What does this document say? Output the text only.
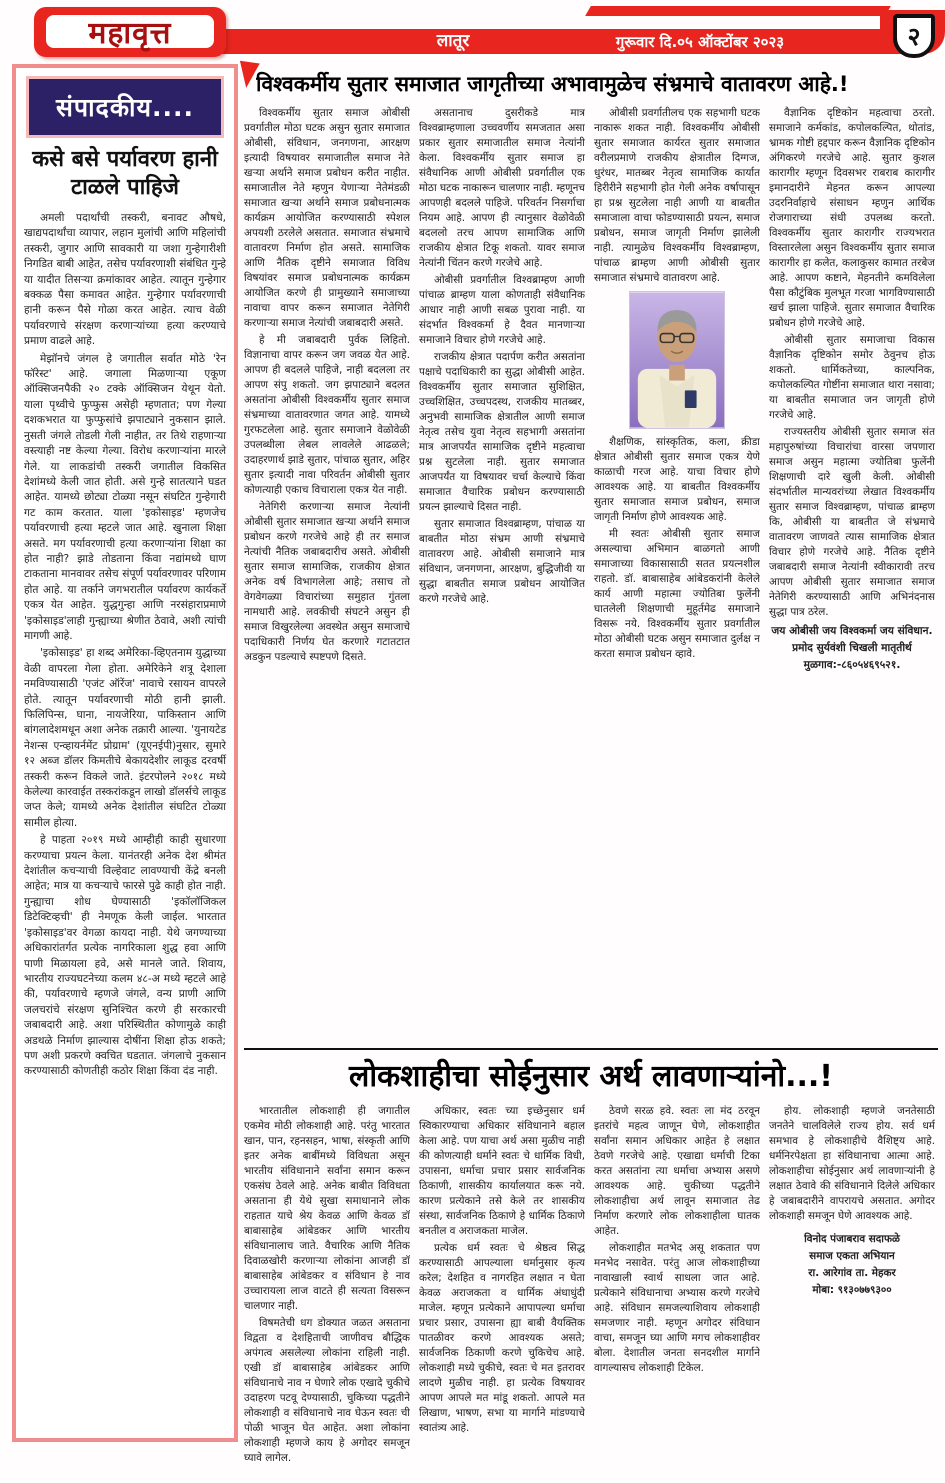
महावृत्त	लातूर	गुरूवार दि.०५ ऑक्टोंबर २०२३	२
संपादकीय....
कसे बसे पर्यावरण हानी टाळले पाहिजे

अमली पदार्थांची तस्करी, बनावट औषधे, खाद्यपदार्थांचा व्यापार, लहान मुलांची आणि महिलांची तस्करी, जुगार आणि सावकारी या जशा गुन्हेगारीशी निगडित बाबी आहेत, तसेच पर्यावरणाशी संबंधित गुन्हे या यादीत तिसऱ्या क्रमांकावर आहेत. त्यातून गुन्हेगार बक्कळ पैसा कमावत आहेत. गुन्हेगार पर्यावरणाची हानी करून पैसे गोळा करत आहेत. त्याच वेळी पर्यावरणाचे संरक्षण करणाऱ्यांच्या हत्या करण्याचे प्रमाण वाढले आहे.

मेझॉनचे जंगल हे जगातील सर्वात मोठे 'रेन फॉरेस्ट' आहे. जगाला मिळणाऱ्या एकूण ऑक्सिजनपैकी २० टक्के ऑक्सिजन येथून येतो. याला पृथ्वीचे फुप्फुस असेही म्हणतात; पण गेल्या दशकभरात या फुप्फुसांचे झपाट्याने नुकसान झाले. नुसती जंगले तोडली गेली नाहीत, तर तिथे राहणाऱ्या वस्त्याही नष्ट केल्या गेल्या. विरोध करणाऱ्यांना मारले गेले. या लाकडांची तस्करी जगातील विकसित देशांमध्ये केली जात होती. असे गुन्हे सातत्याने घडत आहेत. यामध्ये छोट्या टोळ्या नसून संघटित गुन्हेगारी गट काम करतात. याला 'इकोसाइड' म्हणजेच पर्यावरणाची हत्या म्हटले जात आहे. खुनाला शिक्षा असते. मग पर्यावरणाची हत्या करणाऱ्यांना शिक्षा का होत नाही? झाडे तोडताना किंवा नद्यांमध्ये घाण टाकताना मानवावर तसेच संपूर्ण पर्यावरणावर परिणाम होत आहे. या तर्काने जगभरातील पर्यावरण कार्यकर्ते एकत्र येत आहेत. युद्धगुन्हा आणि नरसंहाराप्रमाणे 'इकोसाइड'लाही गुन्ह्याच्या श्रेणीत ठेवावे, अशी त्यांची मागणी आहे.

'इकोसाइड' हा शब्द अमेरिका-व्हिएतनाम युद्धाच्या वेळी वापरला गेला होता. अमेरिकेने शत्रू देशाला नमविण्यासाठी 'एजंट ऑरेंज' नावाचे रसायन वापरले होते. त्यातून पर्यावरणाची मोठी हानी झाली. फिलिपिन्स, घाना, नायजेरिया, पाकिस्तान आणि बांगलादेशमधून अशा अनेक तक्रारी आल्या. 'युनायटेड नेशन्स एन्व्हायर्नमेंट प्रोग्राम' (यूएनईपी)नुसार, सुमारे १२ अब्ज डॉलर किमतीचे बेकायदेशीर लाकूड दरवर्षी तस्करी करून विकले जाते. इंटरपोलने २०१८ मध्ये केलेल्या कारवाईत तस्करांकडून लाखो डॉलर्सचे लाकूड जप्त केले; यामध्ये अनेक देशांतील संघटित टोळ्या सामील होत्या.

हे पाहता २०१९ मध्ये आम्हीही काही सुधारणा करण्याचा प्रयत्न केला. यानंतरही अनेक देश श्रीमंत देशांतील कचऱ्याची विल्हेवाट लावण्याची केंद्रे बनली आहेत; मात्र या कचऱ्याचे फारसे पुढे काही होत नाही. गुन्ह्याचा शोध घेण्यासाठी 'इकॉलॉजिकल डिटेक्टिव्हची' ही नेमणूक केली जाईल. भारतात 'इकोसाइड'वर वेगळा कायदा नाही. येथे जगण्याच्या अधिकारांतर्गत प्रत्येक नागरिकाला शुद्ध हवा आणि पाणी मिळायला हवे, असे मानले जाते. शिवाय, भारतीय राज्यघटनेच्या कलम ४८-अ मध्ये म्हटले आहे की, पर्यावरणाचे म्हणजे जंगले, वन्य प्राणी आणि जलचरांचे संरक्षण सुनिश्चित करणे ही सरकारची जबाबदारी आहे. अशा परिस्थितीत कोणामुळे काही अडथळे निर्माण झाल्यास दोषींना शिक्षा होऊ शकते; पण अशी प्रकरणे क्वचित घडतात. जंगलाचे नुकसान करण्यासाठी कोणतीही कठोर शिक्षा किंवा दंड नाही.

विश्वकर्मीय सुतार समाजात जागृतीच्या अभावामुळेच संभ्रमाचे वातावरण आहे.!

विश्वकर्मीय सुतार समाज ओबीसी प्रवर्गातील मोठा घटक असुन सुतार समाजात ओबीसी, संविधान, जनगणना, आरक्षण इत्यादी विषयावर समाजातील समाज नेते खऱ्या अर्थाने समाज प्रबोधन करीत नाहीत. समाजातील नेते म्हणुन येणाऱ्या नेतेमंडळी समाजात खऱ्या अर्थाने समाज प्रबोधनात्मक कार्यक्रम आयोजित करण्यासाठी स्पेशल अपयशी ठरलेले असतात. समाजात संभ्रमाचे वातावरण निर्माण होत असते. सामाजिक आणि नैतिक दृष्टीने समाजात विविध विषयांवर समाज प्रबोधनात्मक कार्यक्रम आयोजित करणे ही प्रामुख्याने समाजाच्या नावाचा वापर करून समाजात नेतेगिरी करणाऱ्या समाज नेत्यांची जबाबदारी असते.

हे मी जबाबदारी पुर्वक लिहितो. विज्ञानाचा वापर करून जग जवळ येत आहे. आपण ही बदलले पाहिजे, नाही बदलला तर आपण संपु शकतो. जग झपाट्याने बदलत असतांना ओबीसी विश्वकर्मीय सुतार समाज संभ्रमाच्या वातावरणात जगत आहे. यामध्ये गुरफटलेला आहे. सुतार समाजाने वेळोवेळी उपलब्धीला लेबल लावलेले आढळले; उदाहरणार्थ झाडे सुतार, पांचाळ सुतार, अहिर सुतार इत्यादी नावा परिवर्तन ओबीसी सुतार कोणत्याही एकाच विचाराला एकत्र येत नाही.

नेतेगिरी करणाऱ्या समाज नेत्यांनी ओबीसी सुतार समाजात खऱ्या अर्थाने समाज प्रबोधन करणे गरजेचे आहे ही तर समाज नेत्यांची नैतिक जबाबदारीच असते. ओबीसी सुतार समाज सामाजिक, राजकीय क्षेत्रात अनेक वर्ष विभागलेला आहे; तसाच तो वेगवेगळ्या विचारांच्या समुहात गुंतला नामधारी आहे. लवकीची संघटने असुन ही समाज विखुरलेल्या अवस्थेत असुन समाजाचे पदाधिकारी निर्णय घेत करणारे गटातटात अडकुन पडल्याचे स्पष्टपणे दिसते.

असतानाच दुसरीकडे मात्र विश्वब्राम्हणाला उच्चवर्णीय समजतात असा प्रकार सुतार समाजातील समाज नेत्यांनी केला. विश्वकर्मीय सुतार समाज हा संवैधानिक आणी ओबीसी प्रवर्गातील एक मोठा घटक नाकारून चालणार नाही. म्हणूनच आपणही बदलले पाहिजे. परिवर्तन निसर्गाचा नियम आहे. आपण ही त्यानुसार वेळोवेळी बदललो तरच आपण सामाजिक आणि राजकीय क्षेत्रात टिकू शकतो. यावर समाज नेत्यांनी चिंतन करणे गरजेचे आहे.

ओबीसी प्रवर्गातील विश्वब्राम्हण आणी पांचाळ ब्राम्हण याला कोणताही संवैधानिक आधार नाही आणी सबळ पुरावा नाही. या संदर्भात विश्वकर्मा हे दैवत मानणाऱ्या समाजाने विचार होणे गरजेचे आहे.

राजकीय क्षेत्रात पदार्पण करीत असतांना पक्षाचे पदाधिकारी का सुद्धा ओबीसी आहेत. विश्वकर्मीय सुतार समाजात सुशिक्षित, उच्चशिक्षित, उच्चपदस्थ, राजकीय मातब्बर, अनुभवी सामाजिक क्षेत्रातील आणी समाज नेतृत्व तसेच युवा नेतृत्व सहभागी असतांना मात्र आजपर्यंत सामाजिक दृष्टीने महत्वाचा प्रश्न सुटलेला नाही. सुतार समाजात आजपर्यंत या विषयावर चर्चा केल्याचे किंवा समाजात वैचारिक प्रबोधन करण्यासाठी प्रयत्न झाल्याचे दिसत नाही.

सुतार समाजात विश्वब्राम्हण, पांचाळ या बाबतीत मोठा संभ्रम आणी संभ्रमाचे वातावरण आहे. ओबीसी समाजाने मात्र संविधान, जनगणना, आरक्षण, बुद्धिजीवी या सुद्धा बाबतीत समाज प्रबोधन आयोजित करणे गरजेचे आहे.

ओबीसी प्रवर्गातीलच एक सहभागी घटक नाकारू शकत नाही. विश्वकर्मीय ओबीसी सुतार समाजात कार्यरत सुतार समाजात वरीलप्रमाणे राजकीय क्षेत्रातील दिग्गज, धुरंधर, मातब्बर नेतृत्व सामाजिक कार्यात हिरीरीने सहभागी होत गेली अनेक वर्षापासून हा प्रश्न सुटलेला नाही आणी या बाबतीत समाजाला वाचा फोडण्यासाठी प्रयत्न, समाज प्रबोधन, समाज जागृती निर्माण झालेली नाही. त्यामुळेच विश्वकर्मीय विश्वब्राम्हण, पांचाळ ब्राम्हण आणी ओबीसी सुतार समाजात संभ्रमाचे वातावरण आहे.

शैक्षणिक, सांस्कृतिक, कला, क्रीडा क्षेत्रात ओबीसी सुतार समाज एकत्र येणे काळाची गरज आहे. याचा विचार होणे आवश्यक आहे. या बाबतीत विश्वकर्मीय सुतार समाजात समाज प्रबोधन, समाज जागृती निर्माण होणे आवश्यक आहे.

मी स्वतः ओबीसी सुतार समाज असल्याचा अभिमान बाळगतो आणी समाजाच्या विकासासाठी सतत प्रयत्नशील राहतो. डॉ. बाबासाहेब आंबेडकरांनी केलेले कार्य आणी महात्मा ज्योतिबा फुलेंनी घातलेली शिक्षणाची मुहूर्तमेढ समाजाने विसरू नये. विश्वकर्मीय सुतार प्रवर्गातील मोठा ओबीसी घटक असुन समाजात दुर्लक्ष न करता समाज प्रबोधन व्हावे.

वैज्ञानिक दृष्टिकोन महत्वाचा ठरतो. समाजाने कर्मकांड, कपोलकल्पित, थोतांड, भ्रामक गोष्टी हद्दपार करून वैज्ञानिक दृष्टिकोन अंगिकरणे गरजेचे आहे. सुतार कुशल कारागीर म्हणून दिवसभर राबराब कारागीर इमानदारीने मेहनत करून आपल्या उदरनिर्वाहाचे संसाधन म्हणुन आर्थिक रोजगाराच्या संधी उपलब्ध करतो. विश्वकर्मीय सुतार कारागीर राज्यभरात विस्तारलेला असुन विश्वकर्मीय सुतार समाज कारागीर हा कलेत, कलाकुसर कामात तरबेज आहे. आपण कष्टाने, मेहनतीने कमविलेला पैसा कौटुंबिक मुलभूत गरजा भागविण्यासाठी खर्च झाला पाहिजे. सुतार समाजात वैचारिक प्रबोधन होणे गरजेचे आहे.

ओबीसी सुतार समाजाचा विकास वैज्ञानिक दृष्टिकोन समोर ठेवुनच होऊ शकतो. धार्मिकतेच्या, काल्पनिक, कपोलकल्पित गोष्टींना समाजात थारा नसावा; या बाबतीत समाजात जन जागृती होणे गरजेचे आहे.

राज्यस्तरीय ओबीसी सुतार समाज संत महापुरुषांच्या विचारांचा वारसा जपणारा समाज असुन महात्मा ज्योतिबा फुलेंनी शिक्षणाची दारे खुली केली. ओबीसी संदर्भातील मान्यवरांच्या लेखात विश्वकर्मीय सुतार समाज विश्वब्राम्हण, पांचाळ ब्राम्हण कि, ओबीसी या बाबतीत जे संभ्रमाचे वातावरण जाणवते त्यास सामाजिक क्षेत्रात विचार होणे गरजेचे आहे. नैतिक दृष्टीने जबाबदारी समाज नेत्यांनी स्वीकारावी तरच आपण ओबीसी सुतार समाजात समाज नेतेगिरी करण्यासाठी आणि अभिनंदनास सुद्धा पात्र ठरेल.

जय ओबीसी जय विश्वकर्मा जय संविधान.

प्रमोद सुर्यवंशी चिखली मातृतीर्थ

मुळगाव:-८६०५४६९५२१.

लोकशाहीचा सोईनुसार अर्थ लावणाऱ्यांनो...!

भारतातील लोकशाही ही जगातील एकमेव मोठी लोकशाही आहे. परंतु भारतात खान, पान, रहनसहन, भाषा, संस्कृती आणि इतर अनेक बाबींमध्ये विविधता असून भारतीय संविधानाने सर्वांना समान करून एकसंघ ठेवले आहे. अनेक बाबीत विविधता असताना ही येथे सुखा समाधानाने लोक राहतात याचे श्रेय केवळ आणि केवळ डॉ बाबासाहेब आंबेडकर आणि भारतीय संविधानालाच जाते. वैचारिक आणि नैतिक दिवाळखोरी करणाऱ्या लोकांना आजही डॉ बाबासाहेब आंबेडकर व संविधान हे नाव उच्चारायला लाज वाटते ही सत्यता विसरून चालणार नाही.

विषमतेची धग डोक्यात जळत असताना विद्वता व देशहिताची जाणीवच बौद्धिक अपंगत्व असलेल्या लोकांना राहिली नाही. एखी डॉ बाबासाहेब आंबेडकर आणि संविधानाचे नाव न घेणारे लोक एखादे चुकीचे उदाहरण पटवू देण्यासाठी, चुकिच्या पद्धतीने लोकशाही व संविधानाचे नाव घेऊन स्वतः ची पोळी भाजून घेत आहेत. अशा लोकांना लोकशाही म्हणजे काय हे अगोदर समजून घ्यावे लागेल.

अधिकार, स्वतः च्या इच्छेनुसार धर्म स्विकारण्याचा अधिकार संविधानाने बहाल केला आहे. पण याचा अर्थ असा मुळीच नाही की कोणत्याही धर्माने स्वतः चे धार्मिक विधी, उपासना, धर्माचा प्रचार प्रसार सार्वजनिक ठिकाणी, शासकीय कार्यालयात करू नये. कारण प्रत्येकाने तसे केले तर शासकीय संस्था, सार्वजनिक ठिकाणे हे धार्मिक ठिकाणे बनतील व अराजकता माजेल.

प्रत्येक धर्म स्वतः चे श्रेष्ठत्व सिद्ध करण्यासाठी आपल्याला धर्मानुसार कृत्य करेल; देशहित व नागरहित लक्षात न घेता केवळ अराजकता व धार्मिक अंधाधुंदी माजेल. म्हणून प्रत्येकाने आपापल्या धर्माचा प्रचार प्रसार, उपासना ह्या बाबी वैयक्तिक पातळीवर करणे आवश्यक असते; सार्वजनिक ठिकाणी करणे चुकिचेच आहे. लोकशाही मध्ये चुकीचे, स्वतः चे मत इतरावर लादणे मुळीच नाही. हा प्रत्येक विषयावर आपण आपले मत मांडू शकतो. आपले मत लिखाण, भाषण, सभा या मार्गाने मांडण्याचे स्वातंत्र्य आहे.

ठेवणे सरळ हवे. स्वतः ला मंद ठरवून इतरांचे महत्व जाणून घेणे, लोकशाहीत सर्वांना समान अधिकार आहेत हे लक्षात ठेवणे गरजेचे आहे. एखाद्या धर्माची टिका करत असतांना त्या धर्माचा अभ्यास असणे आवश्यक आहे. चुकीच्या पद्धतीने लोकशाहीचा अर्थ लावून समाजात तेढ निर्माण करणारे लोक लोकशाहीला घातक आहेत.

लोकशाहीत मतभेद असू शकतात पण मनभेद नसावेत. परंतु आज लोकशाहीच्या नावाखाली स्वार्थ साधला जात आहे. प्रत्येकाने संविधानाचा अभ्यास करणे गरजेचे आहे. संविधान समजल्याशिवाय लोकशाही समजणार नाही. म्हणून अगोदर संविधान वाचा, समजून घ्या आणि मगच लोकशाहीवर बोला. देशातील जनता सनदशील मार्गाने वागल्यासच लोकशाही टिकेल.

होय. लोकशाही म्हणजे जनतेसाठी जनतेने चालविलेले राज्य होय. सर्व धर्म समभाव हे लोकशाहीचे वैशिष्ट्य आहे. धर्मनिरपेक्षता हा संविधानाचा आत्मा आहे. लोकशाहीचा सोईनुसार अर्थ लावणाऱ्यांनी हे लक्षात ठेवावे की संविधानाने दिलेले अधिकार हे जबाबदारीने वापरायचे असतात. अगोदर लोकशाही समजून घेणे आवश्यक आहे.

विनोद पंजाबराव सदाफळे

समाज एकता अभियान

रा. आरेगांव ता. मेहकर

मोबा: ९१३०७७९३००
